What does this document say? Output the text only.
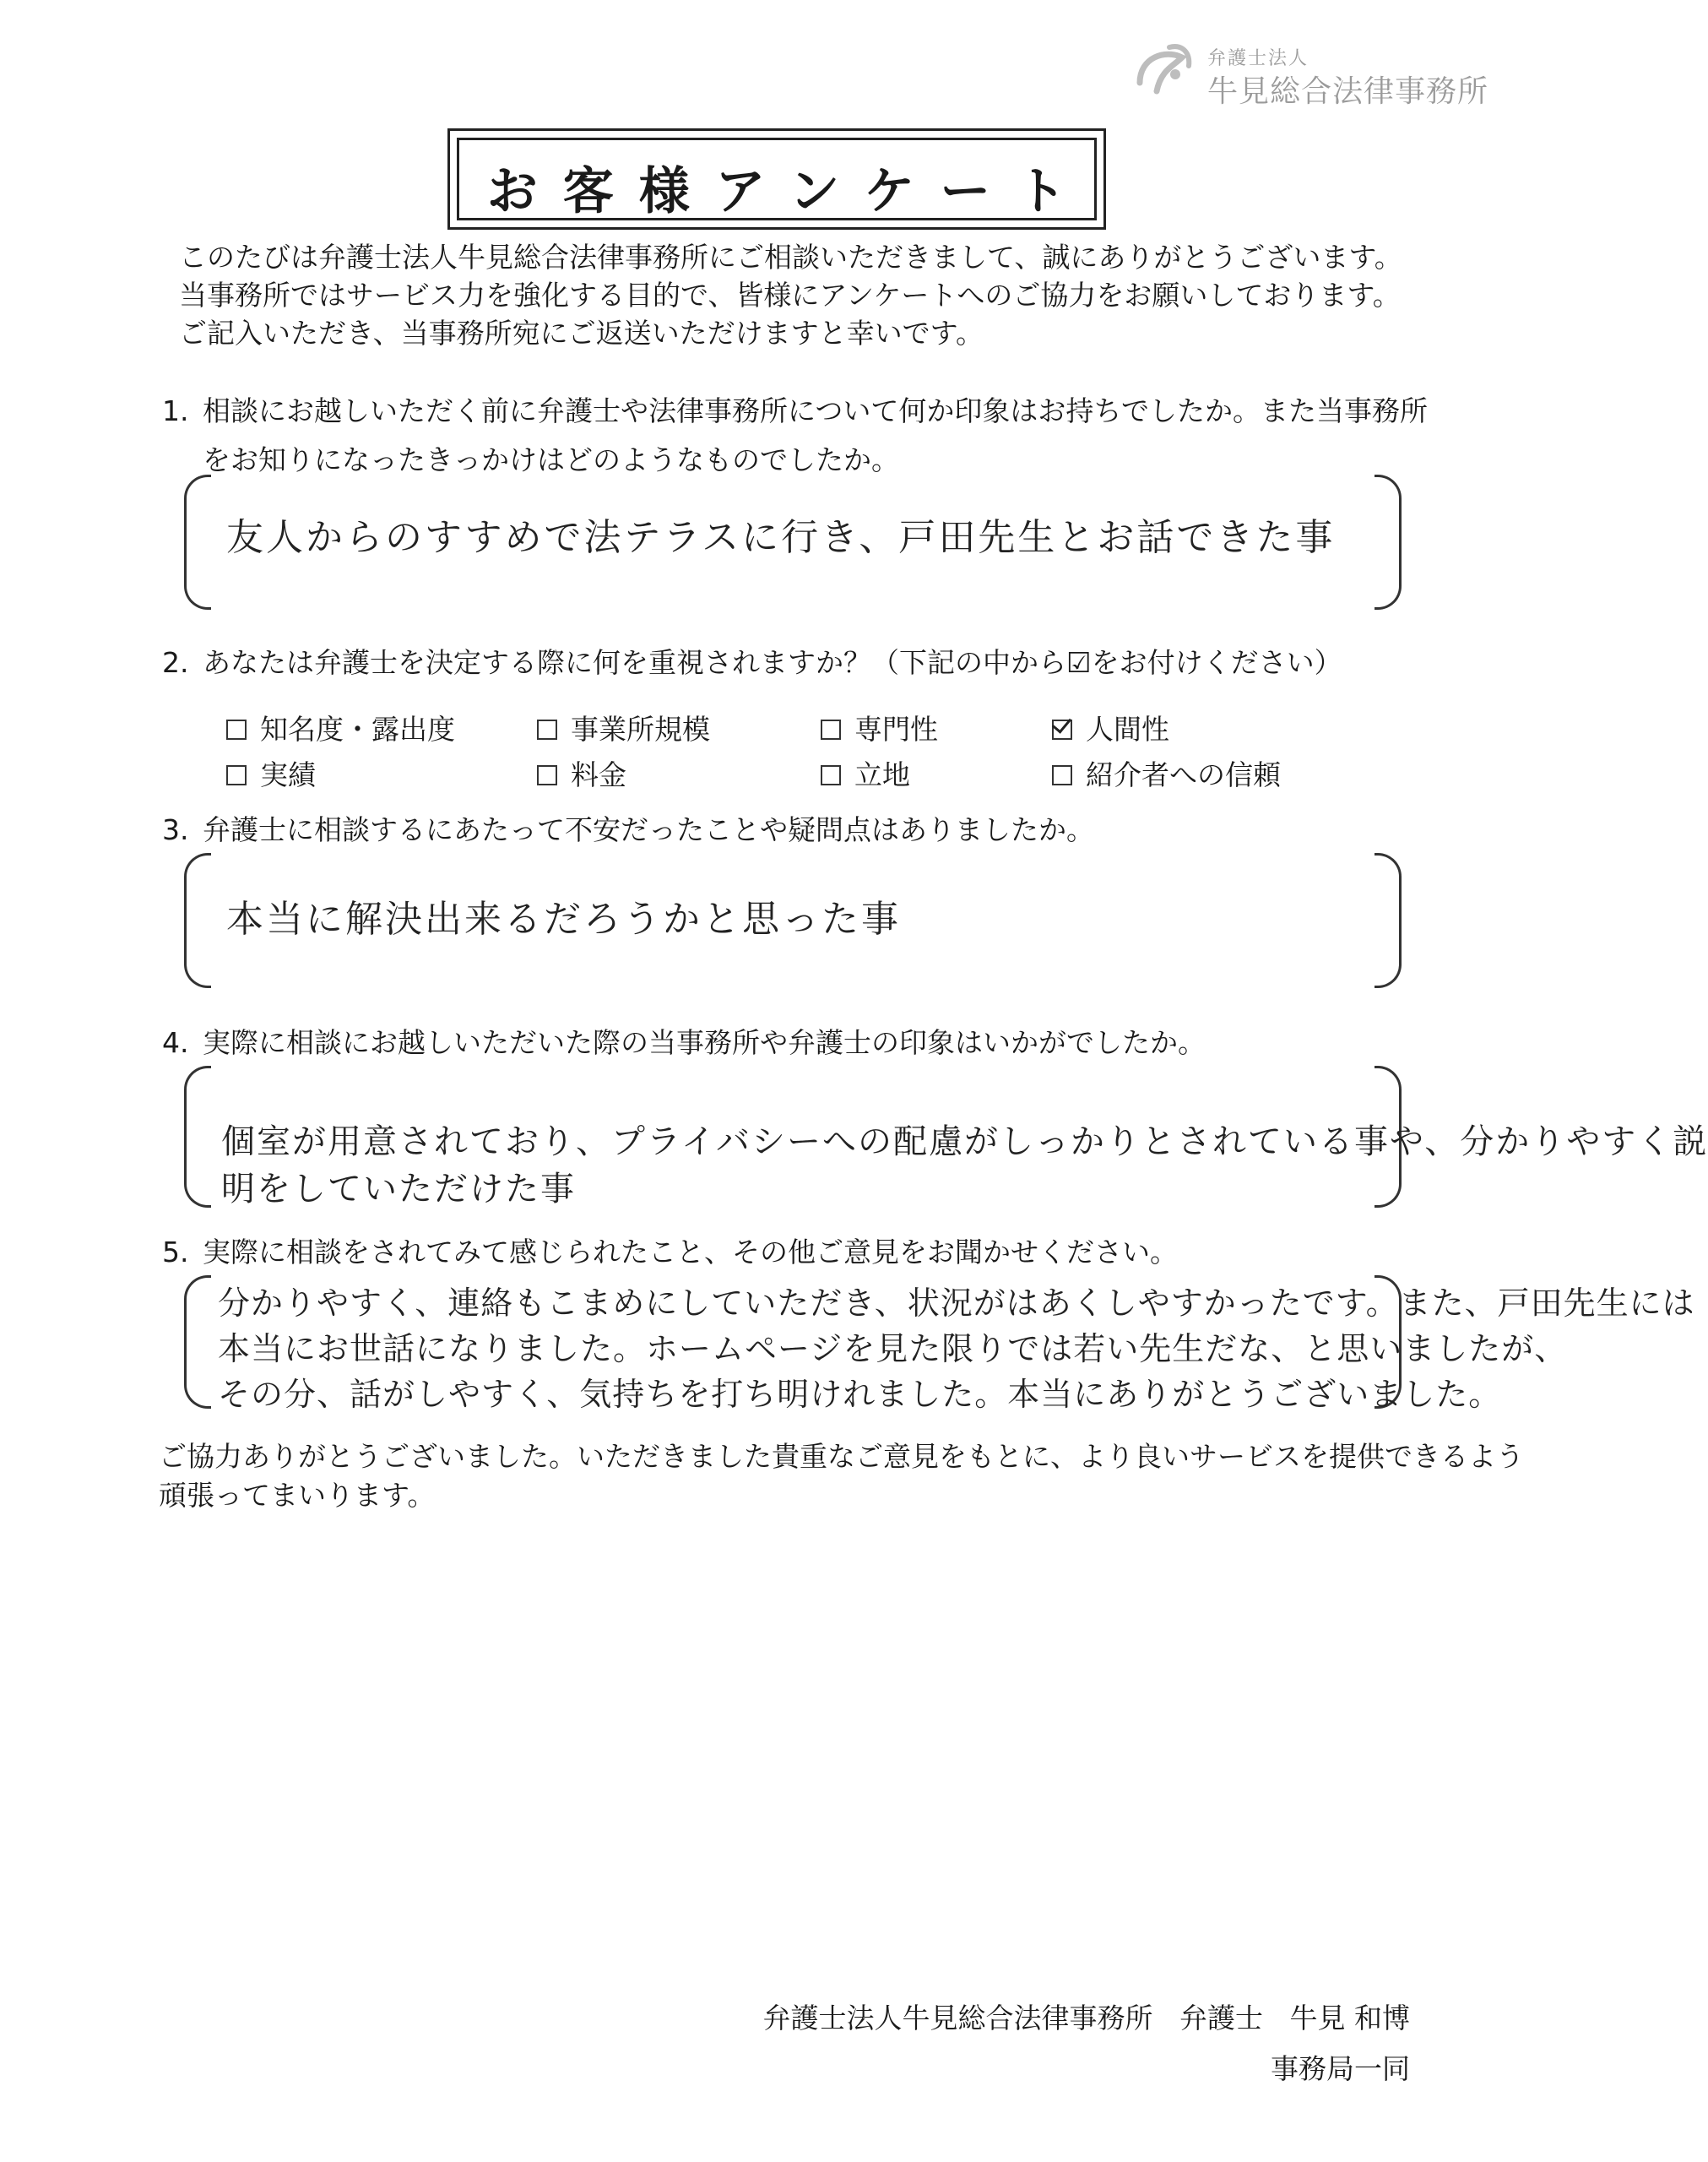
弁護士法人
牛見総合法律事務所
お客様アンケート
このたびは弁護士法人牛見総合法律事務所にご相談いただきまして、誠にありがとうございます。
当事務所ではサービス力を強化する目的で、皆様にアンケートへのご協力をお願いしております。
ご記入いただき、当事務所宛にご返送いただけますと幸いです。
1. 相談にお越しいただく前に弁護士や法律事務所について何か印象はお持ちでしたか。また当事務所
をお知りになったきっかけはどのようなものでしたか。
友人からのすすめで法テラスに行き、戸田先生とお話できた事
2. あなたは弁護士を決定する際に何を重視されますか？（下記の中から☑をお付けください）
知名度・露出度	事業所規模	専門性	人間性
実績	料金	立地	紹介者への信頼
3. 弁護士に相談するにあたって不安だったことや疑問点はありましたか。
本当に解決出来るだろうかと思った事
4. 実際に相談にお越しいただいた際の当事務所や弁護士の印象はいかがでしたか。
個室が用意されており、プライバシーへの配慮がしっかりとされている事や、分かりやすく説
明をしていただけた事
5. 実際に相談をされてみて感じられたこと、その他ご意見をお聞かせください。
分かりやすく、連絡もこまめにしていただき、状況がはあくしやすかったです。また、戸田先生には
本当にお世話になりました。ホームページを見た限りでは若い先生だな、と思いましたが、
その分、話がしやすく、気持ちを打ち明けれました。本当にありがとうございました。
ご協力ありがとうございました。いただきました貴重なご意見をもとに、より良いサービスを提供できるよう
頑張ってまいります。
弁護士法人牛見総合法律事務所 弁護士 牛見 和博
事務局一同
